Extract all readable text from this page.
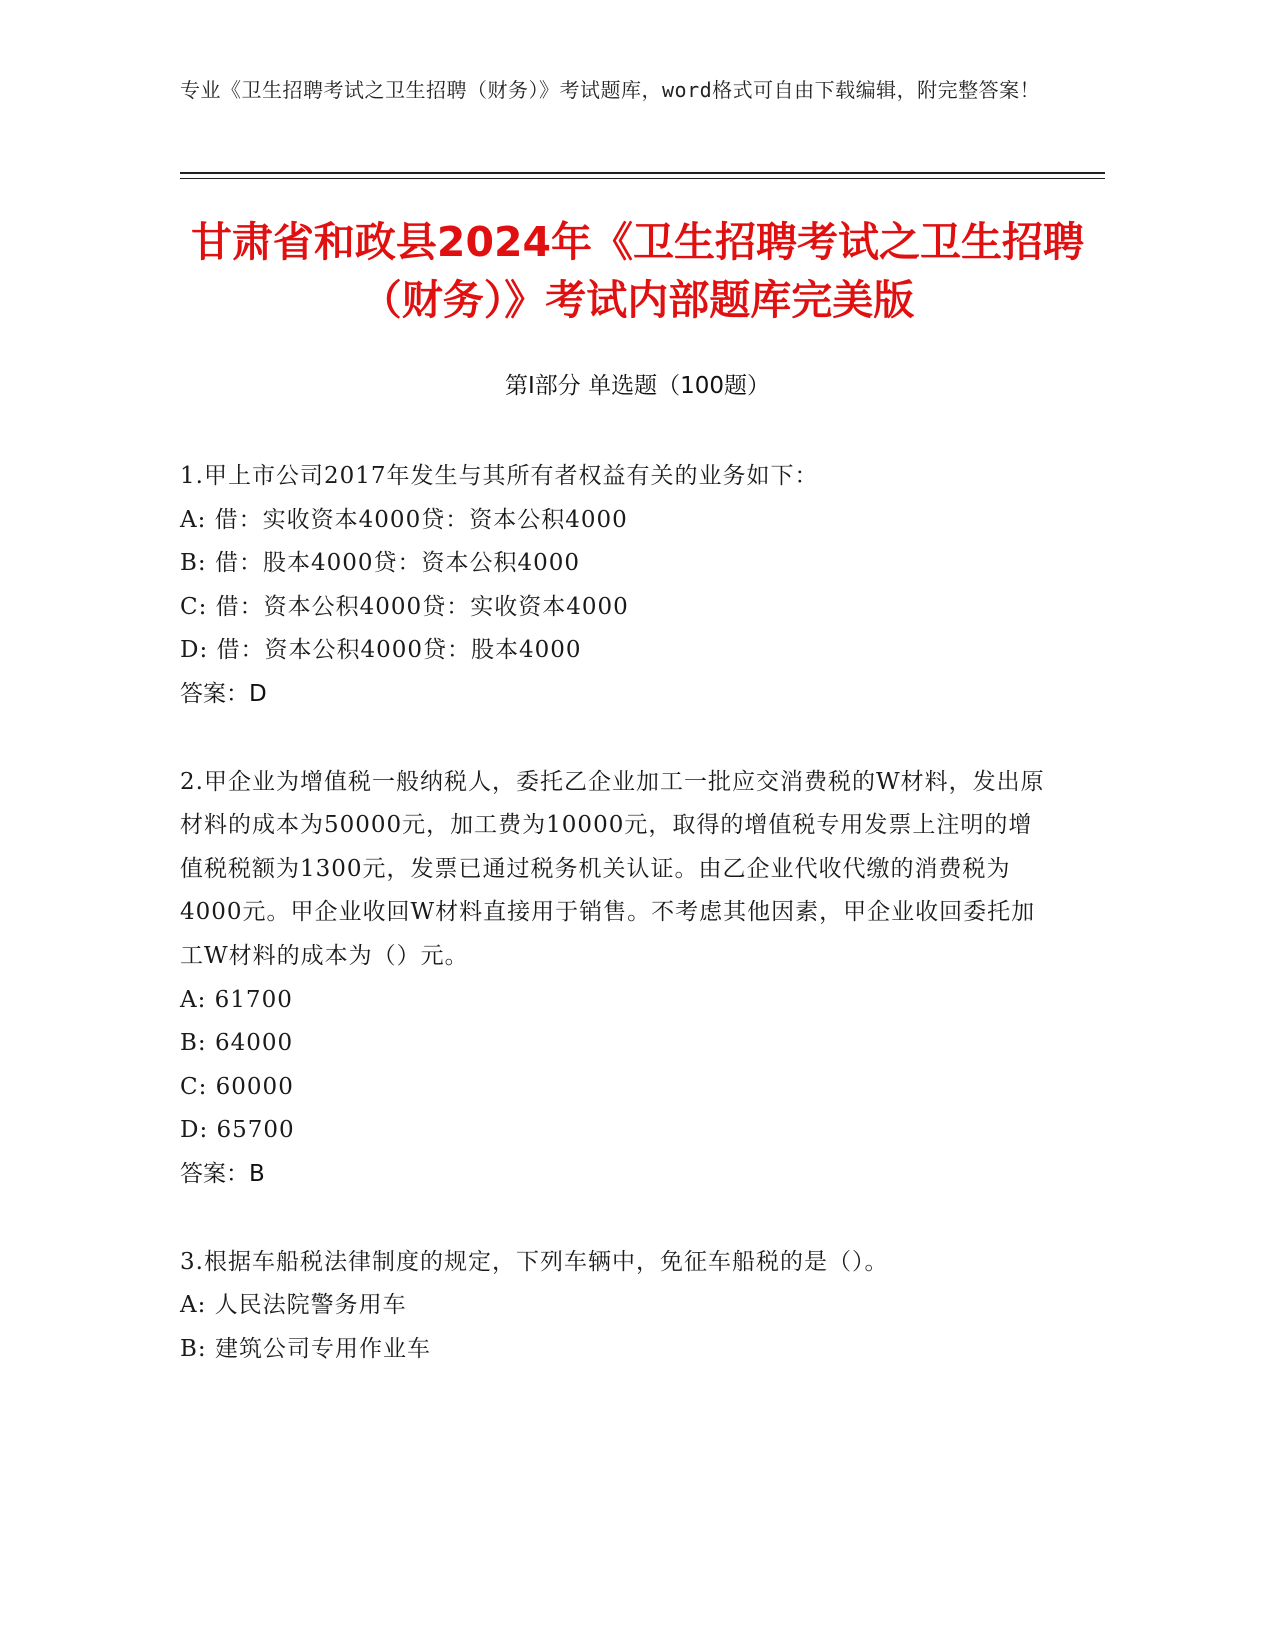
专业《卫生招聘考试之卫生招聘（财务）》考试题库，word格式可自由下载编辑，附完整答案！
甘肃省和政县2024年《卫生招聘考试之卫生招聘（财务）》考试内部题库完美版
第Ⅰ部分 单选题（100题）

1.甲上市公司2017年发生与其所有者权益有关的业务如下：

A: 借：实收资本4000贷：资本公积4000

B: 借：股本4000贷：资本公积4000

C: 借：资本公积4000贷：实收资本4000

D: 借：资本公积4000贷：股本4000

答案：D

2.甲企业为增值税一般纳税人，委托乙企业加工一批应交消费税的W材料，发出原材料的成本为50000元，加工费为10000元，取得的增值税专用发票上注明的增值税税额为1300元，发票已通过税务机关认证。由乙企业代收代缴的消费税为4000元。甲企业收回W材料直接用于销售。不考虑其他因素，甲企业收回委托加工W材料的成本为（）元。

A: 61700

B: 64000

C: 60000

D: 65700

答案：B

3.根据车船税法律制度的规定，下列车辆中，免征车船税的是（）。

A: 人民法院警务用车

B: 建筑公司专用作业车
